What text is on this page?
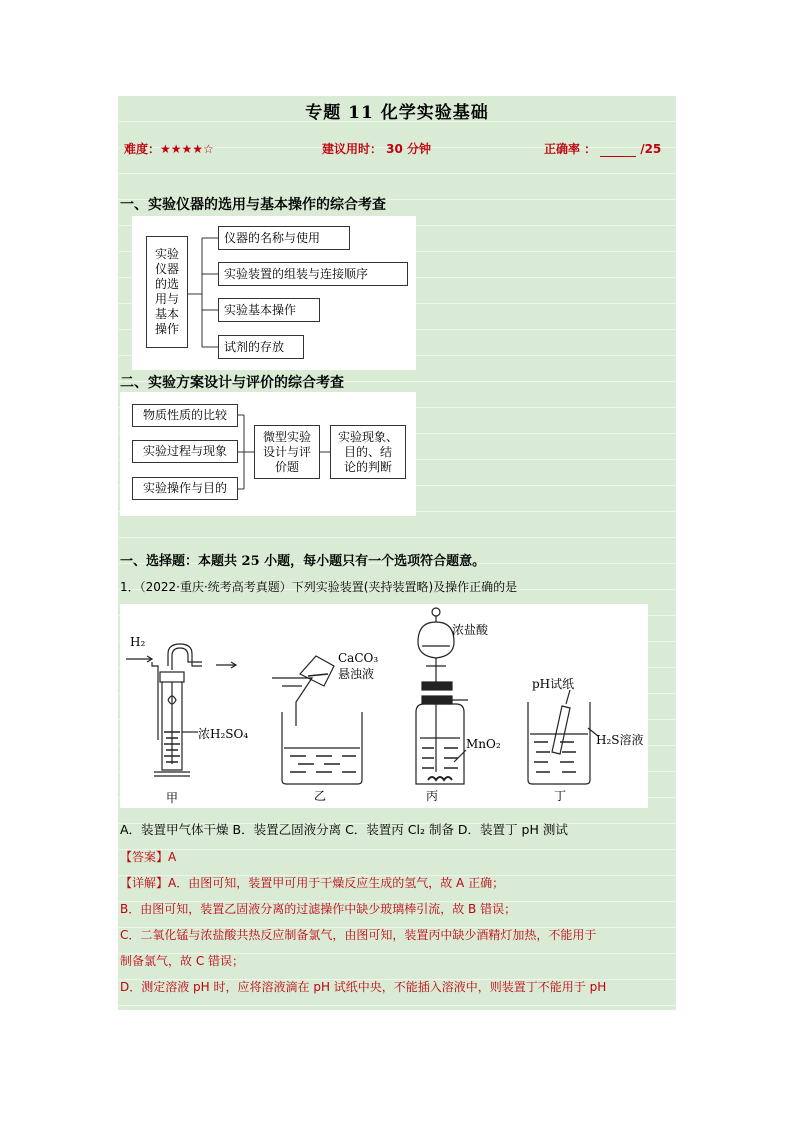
专题 11 化学实验基础
难度：★★★★☆	建议用时： 30 分钟	正确率 ：	/25
一、实验仪器的选用与基本操作的综合考查
实验
仪器
的选
用与
基本
操作
仪器的名称与使用
实验装置的组装与连接顺序
实验基本操作
试剂的存放
二、实验方案设计与评价的综合考查
物质性质的比较
实验过程与现象
实验操作与目的
微型实验
设计与评
价题
实验现象、
目的、结
论的判断
一、选择题：本题共 25 小题，每小题只有一个选项符合题意。
1．（2022·重庆·统考高考真题）下列实验装置(夹持装置略)及操作正确的是
H₂
浓H₂SO₄
CaCO₃
悬浊液
浓盐酸
MnO₂
pH试纸
H₂S溶液
甲	乙	丙	丁
A．装置甲气体干燥 B．装置乙固液分离 C．装置丙 Cl₂ 制备 D．装置丁 pH 测试
【答案】A
【详解】A．由图可知，装置甲可用于干燥反应生成的氢气，故 A 正确；
B．由图可知，装置乙固液分离的过滤操作中缺少玻璃棒引流，故 B 错误；
C．二氧化锰与浓盐酸共热反应制备氯气，由图可知，装置丙中缺少酒精灯加热，不能用于
制备氯气，故 C 错误；
D．测定溶液 pH 时，应将溶液滴在 pH 试纸中央，不能插入溶液中，则装置丁不能用于 pH
